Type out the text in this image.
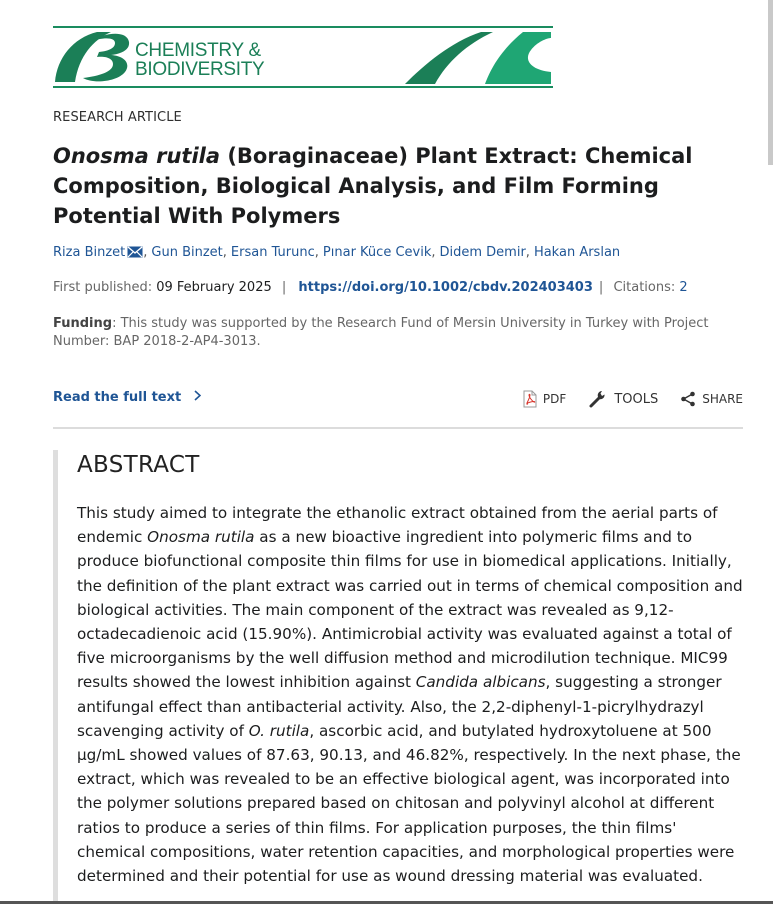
CHEMISTRY &
BIODIVERSITY
RESEARCH ARTICLE
Onosma rutila (Boraginaceae) Plant Extract: Chemical Composition, Biological Analysis, and Film Forming Potential With Polymers
Riza Binzet , Gun Binzet, Ersan Turunc, Pınar Küce Cevik, Didem Demir, Hakan Arslan
First published: 09 February 2025 | https://doi.org/10.1002/cbdv.202403403 | Citations: 2
Funding: This study was supported by the Research Fund of Mersin University in Turkey with Project Number: BAP 2018-2-AP4-3013.
Read the full text	PDF	TOOLS	SHARE
ABSTRACT

This study aimed to integrate the ethanolic extract obtained from the aerial parts of endemic Onosma rutila as a new bioactive ingredient into polymeric films and to produce biofunctional composite thin films for use in biomedical applications. Initially, the definition of the plant extract was carried out in terms of chemical composition and biological activities. The main component of the extract was revealed as 9,12-octadecadienoic acid (15.90%). Antimicrobial activity was evaluated against a total of five microorganisms by the well diffusion method and microdilution technique. MIC99 results showed the lowest inhibition against Candida albicans, suggesting a stronger antifungal effect than antibacterial activity. Also, the 2,2-diphenyl-1-picrylhydrazyl scavenging activity of O. rutila, ascorbic acid, and butylated hydroxytoluene at 500 µg/mL showed values of 87.63, 90.13, and 46.82%, respectively. In the next phase, the extract, which was revealed to be an effective biological agent, was incorporated into the polymer solutions prepared based on chitosan and polyvinyl alcohol at different ratios to produce a series of thin films. For application purposes, the thin films' chemical compositions, water retention capacities, and morphological properties were determined and their potential for use as wound dressing material was evaluated.
